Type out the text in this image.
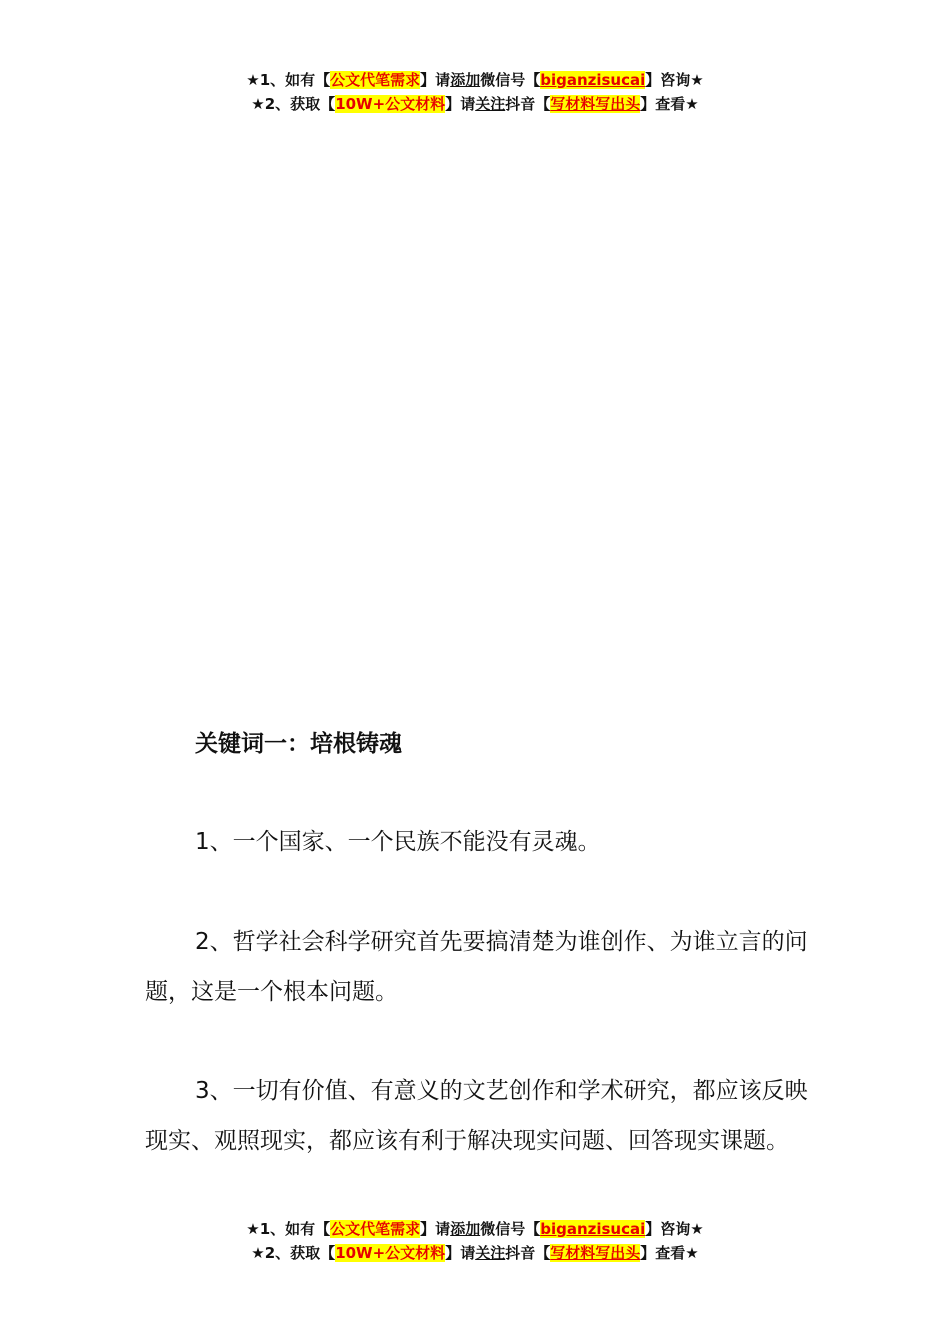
★1、如有【公文代笔需求】请添加微信号【biganzisucai】咨询★
★2、获取【10W+公文材料】请关注抖音【写材料写出头】查看★
关键词一：培根铸魂

1、一个国家、一个民族不能没有灵魂。

2、哲学社会科学研究首先要搞清楚为谁创作、为谁立言的问题，这是一个根本问题。

3、一切有价值、有意义的文艺创作和学术研究，都应该反映现实、观照现实，都应该有利于解决现实问题、回答现实课题。

★1、如有【公文代笔需求】请添加微信号【biganzisucai】咨询★
★2、获取【10W+公文材料】请关注抖音【写材料写出头】查看★
